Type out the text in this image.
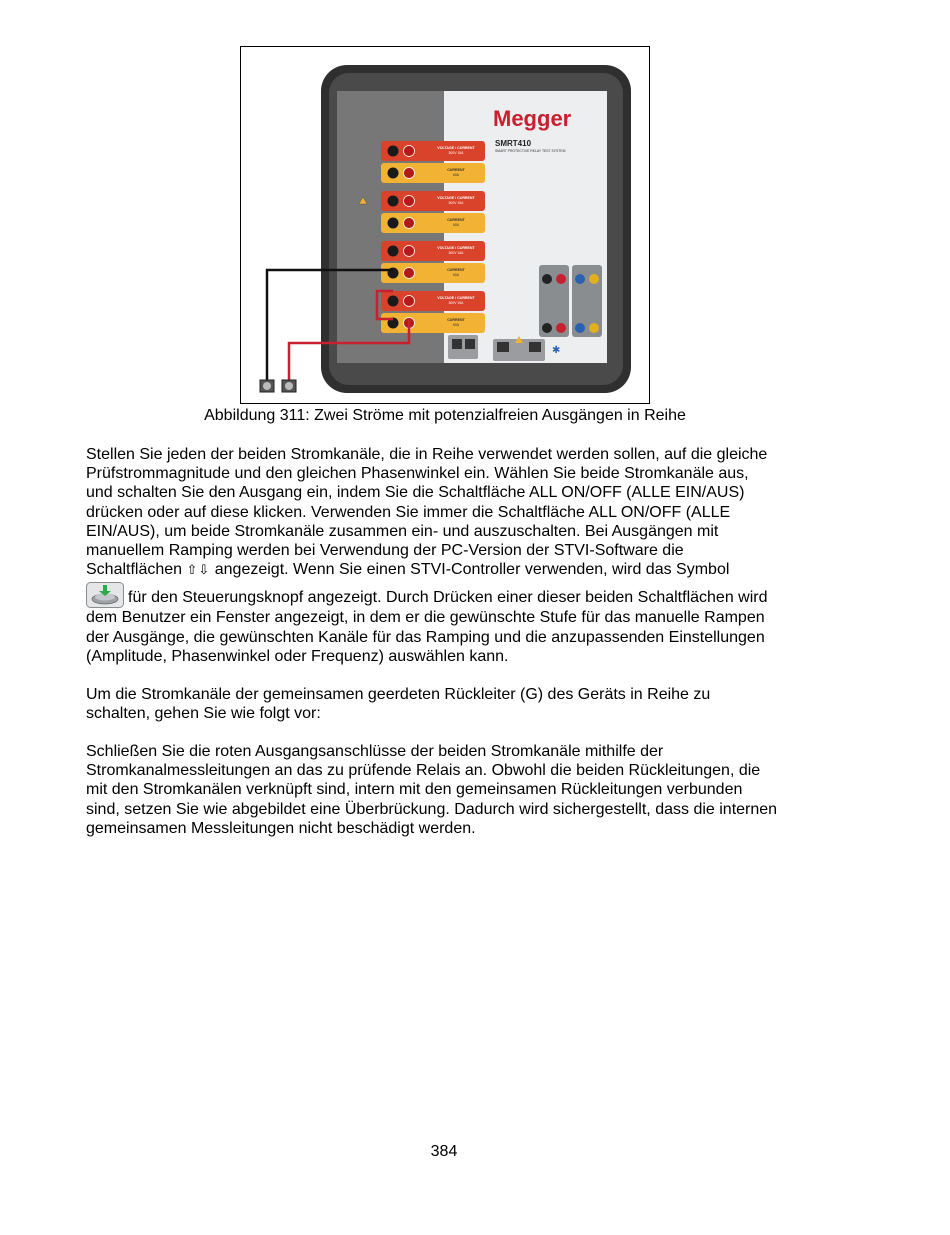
Megger
SMRT410
SMART PROTECTIVE RELAY TEST SYSTEM
VOLTAGE / CURRENT
300V 15A
CURRENT
60A
VOLTAGE / CURRENT
300V 15A
CURRENT
60A
VOLTAGE / CURRENT
300V 15A
CURRENT
60A
VOLTAGE / CURRENT
300V 15A
CURRENT
60A
✱
Abbildung 311: Zwei Ströme mit potenzialfreien Ausgängen in Reihe
Stellen Sie jeden der beiden Stromkanäle, die in Reihe verwendet werden sollen, auf die gleiche
Prüfstrommagnitude und den gleichen Phasenwinkel ein. Wählen Sie beide Stromkanäle aus,
und schalten Sie den Ausgang ein, indem Sie die Schaltfläche ALL ON/OFF (ALLE EIN/AUS)
drücken oder auf diese klicken. Verwenden Sie immer die Schaltfläche ALL ON/OFF (ALLE
EIN/AUS), um beide Stromkanäle zusammen ein- und auszuschalten. Bei Ausgängen mit
manuellem Ramping werden bei Verwendung der PC-Version der STVI-Software die
Schaltflächen ⇧⇩ angezeigt. Wenn Sie einen STVI-Controller verwenden, wird das Symbol
für den Steuerungsknopf angezeigt. Durch Drücken einer dieser beiden Schaltflächen wird
dem Benutzer ein Fenster angezeigt, in dem er die gewünschte Stufe für das manuelle Rampen
der Ausgänge, die gewünschten Kanäle für das Ramping und die anzupassenden Einstellungen
(Amplitude, Phasenwinkel oder Frequenz) auswählen kann.
Um die Stromkanäle der gemeinsamen geerdeten Rückleiter (G) des Geräts in Reihe zu
schalten, gehen Sie wie folgt vor:
Schließen Sie die roten Ausgangsanschlüsse der beiden Stromkanäle mithilfe der
Stromkanalmessleitungen an das zu prüfende Relais an. Obwohl die beiden Rückleitungen, die
mit den Stromkanälen verknüpft sind, intern mit den gemeinsamen Rückleitungen verbunden
sind, setzen Sie wie abgebildet eine Überbrückung. Dadurch wird sichergestellt, dass die internen
gemeinsamen Messleitungen nicht beschädigt werden.
384
